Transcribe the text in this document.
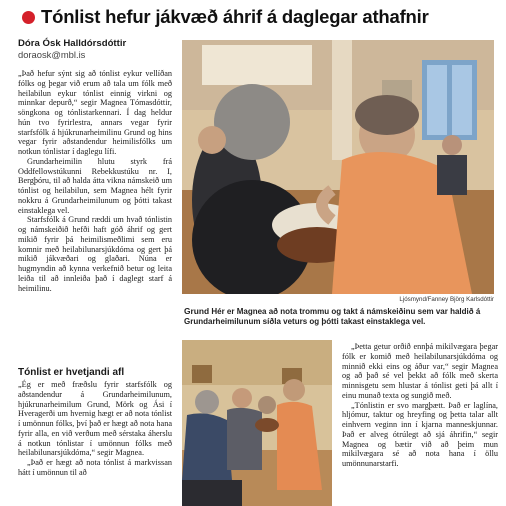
Tónlist hefur jákvæð áhrif á daglegar athafnir
Dóra Ósk Halldórsdóttir
doraosk@mbl.is

„Það hefur sýnt sig að tónlist eykur vellíðan fólks og þegar við erum að tala um fólk með heilabilun eykur tónlist einnig virkni og minnkar depurð,“ segir Magnea Tómasdóttir, söngkona og tónlistarkennari. Í dag heldur hún tvo fyrirlestra, annars vegar fyrir starfsfólk á hjúkrunarheimilinu Grund og hins vegar fyrir aðstandendur heimilisfólks um notkun tónlistar í daglegu lífi.

Grundarheimilin hlutu styrk frá Oddfellowstúkunni Rebekkustúku nr. I, Bergþóru, til að halda átta vikna námskeið um tónlist og heilabilun, sem Magnea hélt fyrir nokkru á Grundarheimilunum og þótti takast einstaklega vel.

Starfsfólk á Grund ræddi um hvað tónlistin og námskeiðið hefði haft góð áhrif og gert mikið fyrir þá heimilismeðlimi sem eru komnir með heilabilunarsjúkdóma og gert þá mikið jákvæðari og glaðari. Núna er hugmyndin að kynna verkefnið betur og leita leiða til að innleiða það í daglegt starf á heimilinu.

Tónlist er hvetjandi afl

„Ég er með fræðslu fyrir starfsfólk og aðstandendur á Grundarheimilunum, hjúkrunarheimilum Grund, Mörk og Ási í Hveragerði um hvernig hægt er að nota tónlist í umönnun fólks, því það er hægt að nota hana fyrir alla, en við verðum með sérstaka áherslu á notkun tónlistar í umönnun fólks með heilabilunarsjúkdóma,“ segir Magnea.

„Það er hægt að nota tónlist á markvissan hátt í umönnun til að

Ljósmynd/Fanney Björg Karlsdóttir
Grund Hér er Magnea að nota trommu og takt á námskeiðinu sem var haldið á Grundarheimilunum síðla veturs og þótti takast einstaklega vel.

„Þetta getur orðið ennþá mikilvægara þegar fólk er komið með heilabilunarsjúkdóma og minnið ekki eins og áður var,“ segir Magnea og að það sé vel þekkt að fólk með skerta minnisgetu sem hlustar á tónlist geti þá allt í einu munað texta og sungið með.

„Tónlistin er svo margþætt. Það er laglína, hljómur, taktur og hreyfing og þetta talar allt einhvern veginn inn í kjarna manneskjunnar. Það er alveg ótrúlegt að sjá áhrifin,“ segir Magnea og bætir við að þeim mun mikilvægara sé að nota hana í öllu umönnunarstarfi.
